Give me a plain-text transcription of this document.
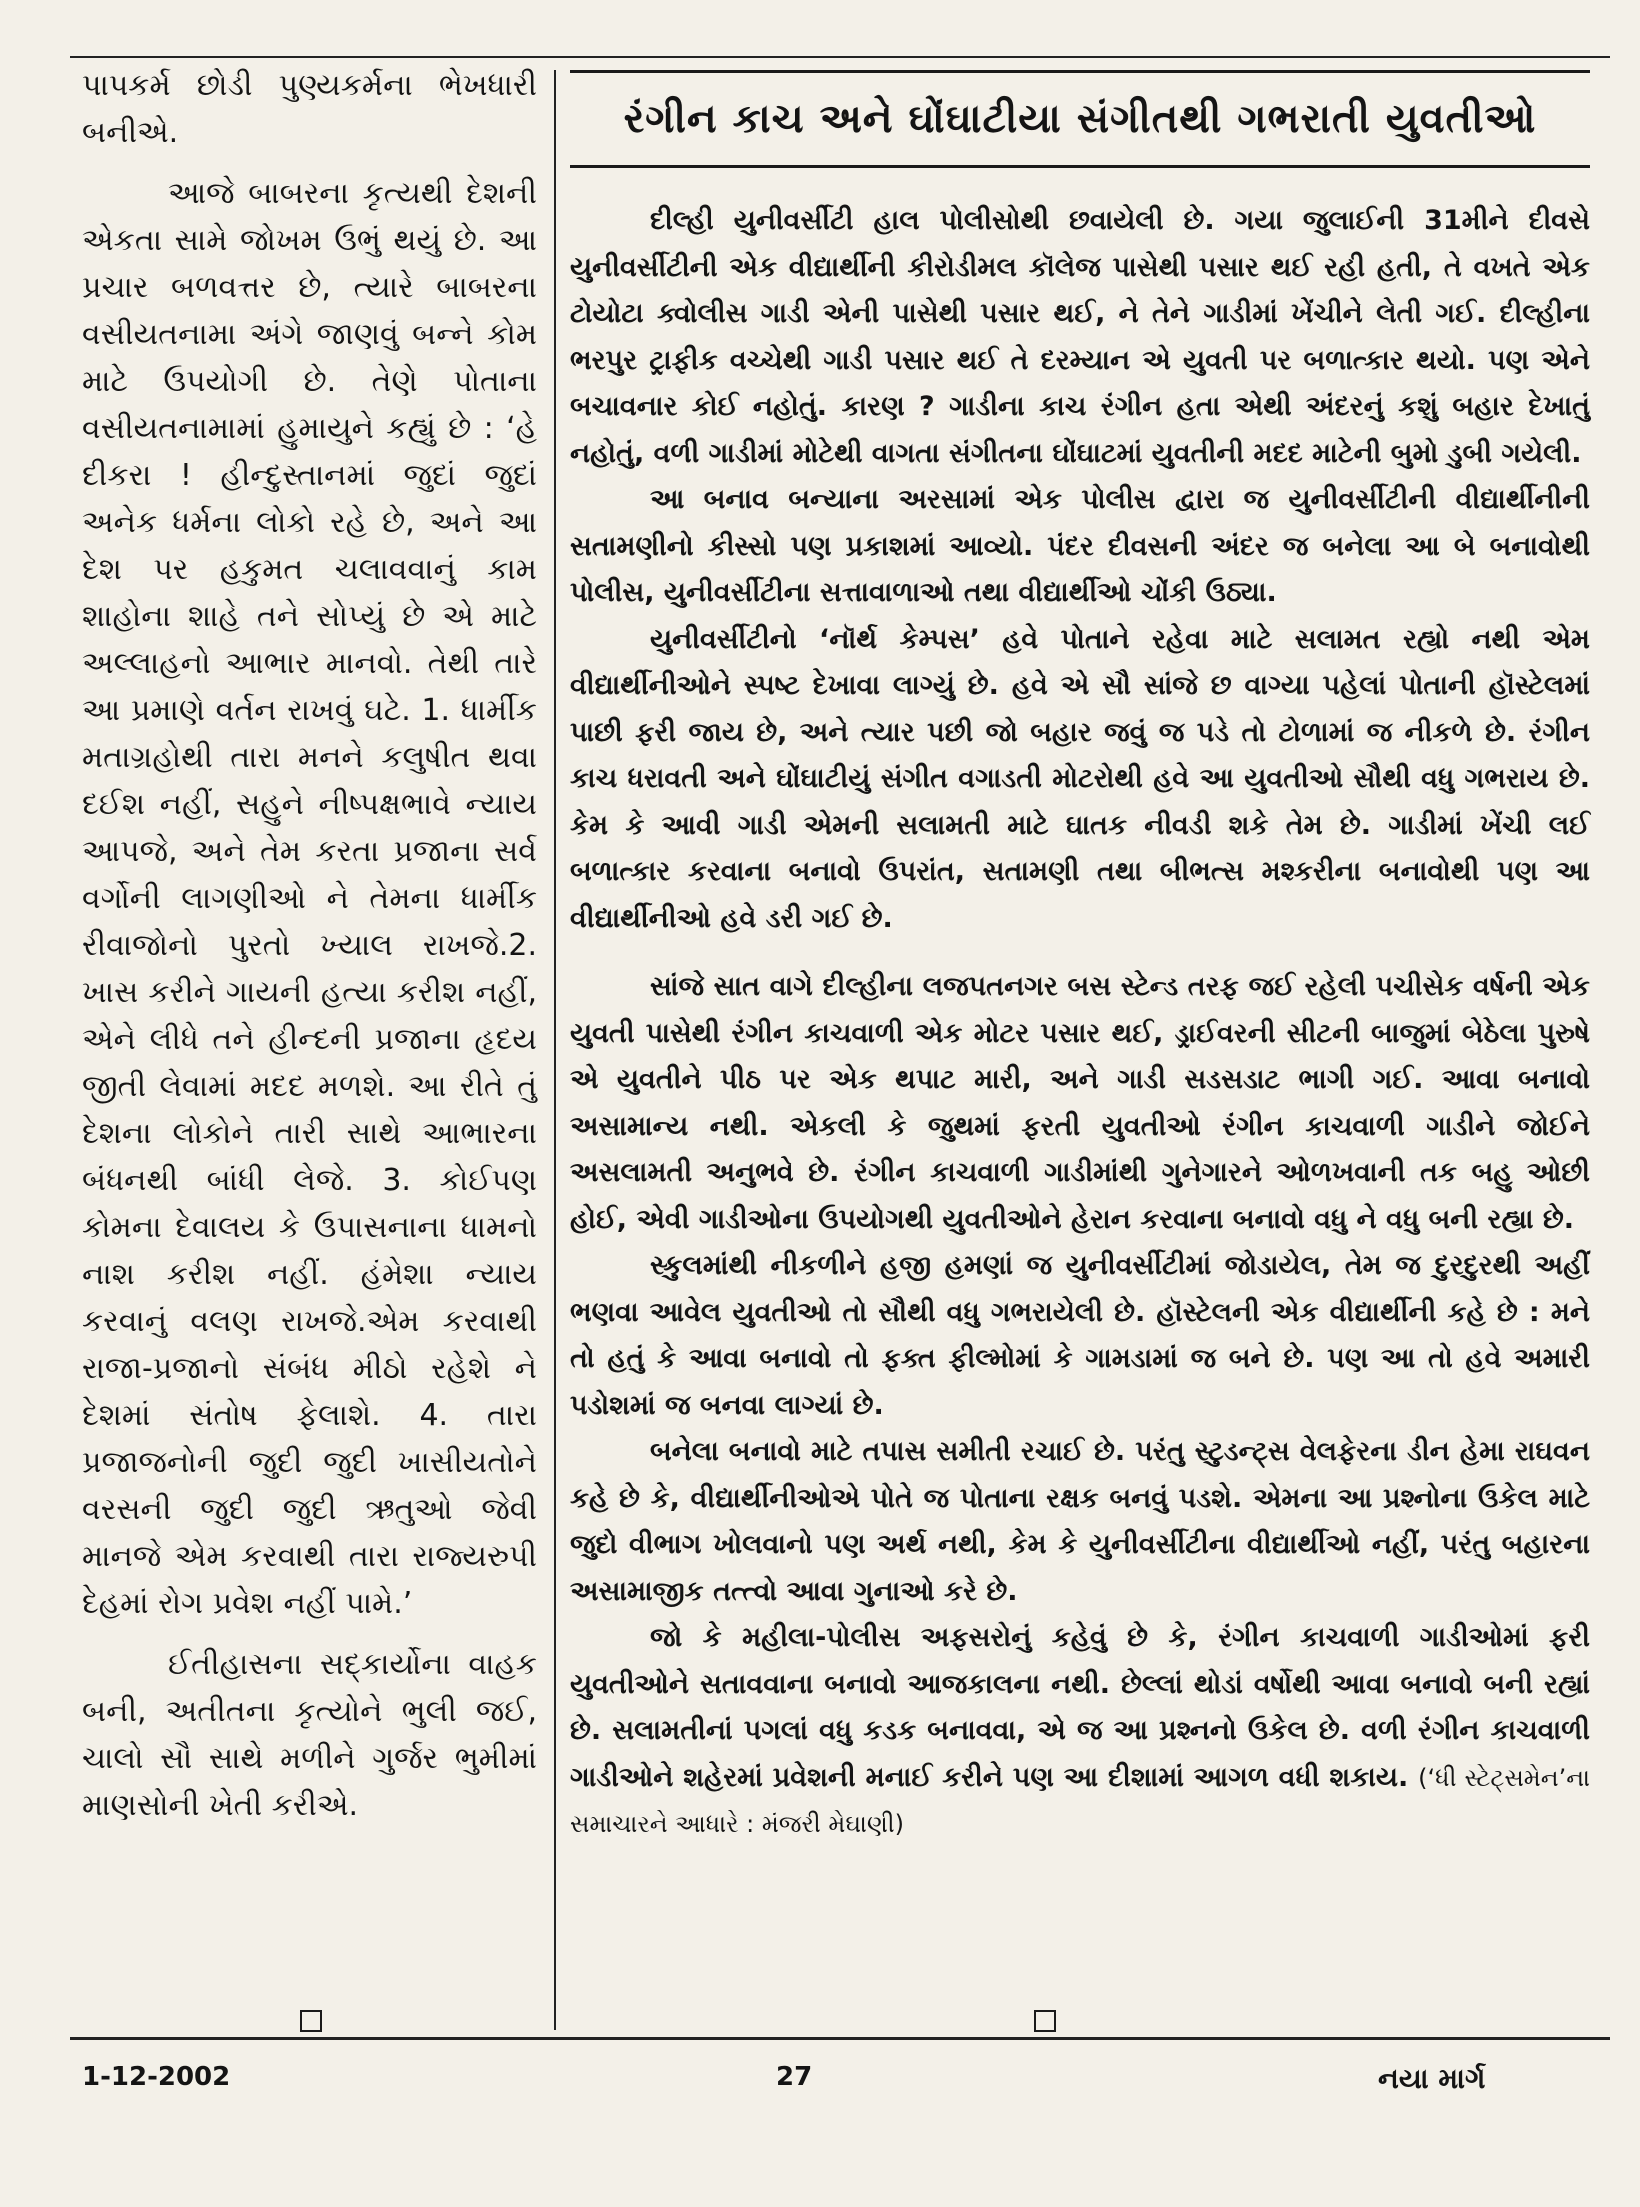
પાપકર્મ છોડી પુણ્યકર્મના ભેખધારી બનીએ.

આજે બાબરના કૃત્યથી દેશની એકતા સામે જોખમ ઉભું થયું છે. આ પ્રચાર બળવત્તર છે, ત્યારે બાબરના વસીયતનામા અંગે જાણવું બન્ને કોમ માટે ઉપયોગી છે. તેણે પોતાના વસીયતનામામાં હુમાયુને કહ્યું છે : ‘હે દીકરા ! હીન્દુસ્તાનમાં જુદાં જુદાં અનેક ધર્મના લોકો રહે છે, અને આ દેશ પર હકુમત ચલાવવાનું કામ શાહોના શાહે તને સોપ્યું છે એ માટે અલ્લાહનો આભાર માનવો. તેથી તારે આ પ્રમાણે વર્તન રાખવું ઘટે. 1. ધાર્મીક મતાગ્રહોથી તારા મનને કલુષીત થવા દઈશ નહીં, સહુને નીષ્પક્ષભાવે ન્યાય આપજે, અને તેમ કરતા પ્રજાના સર્વ વર્ગોની લાગણીઓ ને તેમના ધાર્મીક રીવાજોનો પુરતો ખ્યાલ રાખજે.2. ખાસ કરીને ગાયની હત્યા કરીશ નહીં, એને લીધે તને હીન્દની પ્રજાના હૃદય જીતી લેવામાં મદદ મળશે. આ રીતે તું દેશના લોકોને તારી સાથે આભારના બંધનથી બાંધી લેજે. 3. કોઈપણ કોમના દેવાલય કે ઉપાસનાના ધામનો નાશ કરીશ નહીં. હંમેશા ન્યાય કરવાનું વલણ રાખજે.એમ કરવાથી રાજા-પ્રજાનો સંબંધ મીઠો રહેશે ને દેશમાં સંતોષ ફેલાશે. 4. તારા પ્રજાજનોની જુદી જુદી ખાસીયતોને વરસની જુદી જુદી ઋતુઓ જેવી માનજે એમ કરવાથી તારા રાજ્યરુપી દેહમાં રોગ પ્રવેશ નહીં પામે.’

ઈતીહાસના સદ્કાર્યોના વાહક બની, અતીતના કૃત્યોને ભુલી જઈ, ચાલો સૌ સાથે મળીને ગુર્જર ભુમીમાં માણસોની ખેતી કરીએ.

રંગીન કાચ અને ઘોંઘાટીયા સંગીતથી ગભરાતી યુવતીઓ

દીલ્હી યુનીવર્સીટી હાલ પોલીસોથી છવાયેલી છે. ગયા જુલાઈની 31મીને દીવસે યુનીવર્સીટીની એક વીદ્યાર્થીની કીરોડીમલ કૉલેજ પાસેથી પસાર થઈ રહી હતી, તે વખતે એક ટોયોટા ક્વોલીસ ગાડી એની પાસેથી પસાર થઈ, ને તેને ગાડીમાં ખેંચીને લેતી ગઈ. દીલ્હીના ભરપુર ટ્રાફીક વચ્ચેથી ગાડી પસાર થઈ તે દરમ્યાન એ યુવતી પર બળાત્કાર થયો. પણ એને બચાવનાર કોઈ નહોતું. કારણ ? ગાડીના કાચ રંગીન હતા એથી અંદરનું કશું બહાર દેખાતું નહોતું, વળી ગાડીમાં મોટેથી વાગતા સંગીતના ઘોંઘાટમાં યુવતીની મદદ માટેની બુમો ડુબી ગયેલી.

આ બનાવ બન્યાના અરસામાં એક પોલીસ દ્વારા જ યુનીવર્સીટીની વીદ્યાર્થીનીની સતામણીનો કીસ્સો પણ પ્રકાશમાં આવ્યો. પંદર દીવસની અંદર જ બનેલા આ બે બનાવોથી પોલીસ, યુનીવર્સીટીના સત્તાવાળાઓ તથા વીદ્યાર્થીઓ ચોંકી ઉઠ્યા.

યુનીવર્સીટીનો ‘નૉર્થ કેમ્પસ’ હવે પોતાને રહેવા માટે સલામત રહ્યો નથી એમ વીદ્યાર્થીનીઓને સ્પષ્ટ દેખાવા લાગ્યું છે. હવે એ સૌ સાંજે છ વાગ્યા પહેલાં પોતાની હૉસ્ટેલમાં પાછી ફરી જાય છે, અને ત્યાર પછી જો બહાર જવું જ પડે તો ટોળામાં જ નીકળે છે. રંગીન કાચ ધરાવતી અને ઘોંઘાટીયું સંગીત વગાડતી મોટરોથી હવે આ યુવતીઓ સૌથી વધુ ગભરાય છે. કેમ કે આવી ગાડી એમની સલામતી માટે ઘાતક નીવડી શકે તેમ છે. ગાડીમાં ખેંચી લઈ બળાત્કાર કરવાના બનાવો ઉપરાંત, સતામણી તથા બીભત્સ મશ્કરીના બનાવોથી પણ આ વીદ્યાર્થીનીઓ હવે ડરી ગઈ છે.

સાંજે સાત વાગે દીલ્હીના લજપતનગર બસ સ્ટેન્ડ તરફ જઈ રહેલી પચીસેક વર્ષની એક યુવતી પાસેથી રંગીન કાચવાળી એક મોટર પસાર થઈ, ડ્રાઈવરની સીટની બાજુમાં બેઠેલા પુરુષે એ યુવતીને પીઠ પર એક થપાટ મારી, અને ગાડી સડસડાટ ભાગી ગઈ. આવા બનાવો અસામાન્ય નથી. એકલી કે જુથમાં ફરતી યુવતીઓ રંગીન કાચવાળી ગાડીને જોઈને અસલામતી અનુભવે છે. રંગીન કાચવાળી ગાડીમાંથી ગુનેગારને ઓળખવાની તક બહુ ઓછી હોઈ, એવી ગાડીઓના ઉપયોગથી યુવતીઓને હેરાન કરવાના બનાવો વધુ ને વધુ બની રહ્યા છે.

સ્કુલમાંથી નીકળીને હજી હમણાં જ યુનીવર્સીટીમાં જોડાયેલ, તેમ જ દુરદુરથી અહીં ભણવા આવેલ યુવતીઓ તો સૌથી વધુ ગભરાયેલી છે. હૉસ્ટેલની એક વીદ્યાર્થીની કહે છે : મને તો હતું કે આવા બનાવો તો ફક્ત ફીલ્મોમાં કે ગામડામાં જ બને છે. પણ આ તો હવે અમારી પડોશમાં જ બનવા લાગ્યાં છે.

બનેલા બનાવો માટે તપાસ સમીતી રચાઈ છે. પરંતુ સ્ટુડન્ટ્સ વેલફેરના ડીન હેમા રાઘવન કહે છે કે, વીદ્યાર્થીનીઓએ પોતે જ પોતાના રક્ષક બનવું પડશે. એમના આ પ્રશ્નોના ઉકેલ માટે જુદો વીભાગ ખોલવાનો પણ અર્થ નથી, કેમ કે યુનીવર્સીટીના વીદ્યાર્થીઓ નહીં, પરંતુ બહારના અસામાજીક તત્ત્વો આવા ગુનાઓ કરે છે.

જો કે મહીલા-પોલીસ અફસરોનું કહેવું છે કે, રંગીન કાચવાળી ગાડીઓમાં ફરી યુવતીઓને સતાવવાના બનાવો આજકાલના નથી. છેલ્લાં થોડાં વર્ષોથી આવા બનાવો બની રહ્યાં છે. સલામતીનાં પગલાં વધુ કડક બનાવવા, એ જ આ પ્રશ્નનો ઉકેલ છે. વળી રંગીન કાચવાળી ગાડીઓને શહેરમાં પ્રવેશની મનાઈ કરીને પણ આ દીશામાં આગળ વધી શકાય. (‘ધી સ્ટેટ્સમેન’ના સમાચારને આધારે : મંજરી મેઘાણી)

1-12-2002	27	નયા માર્ગ
